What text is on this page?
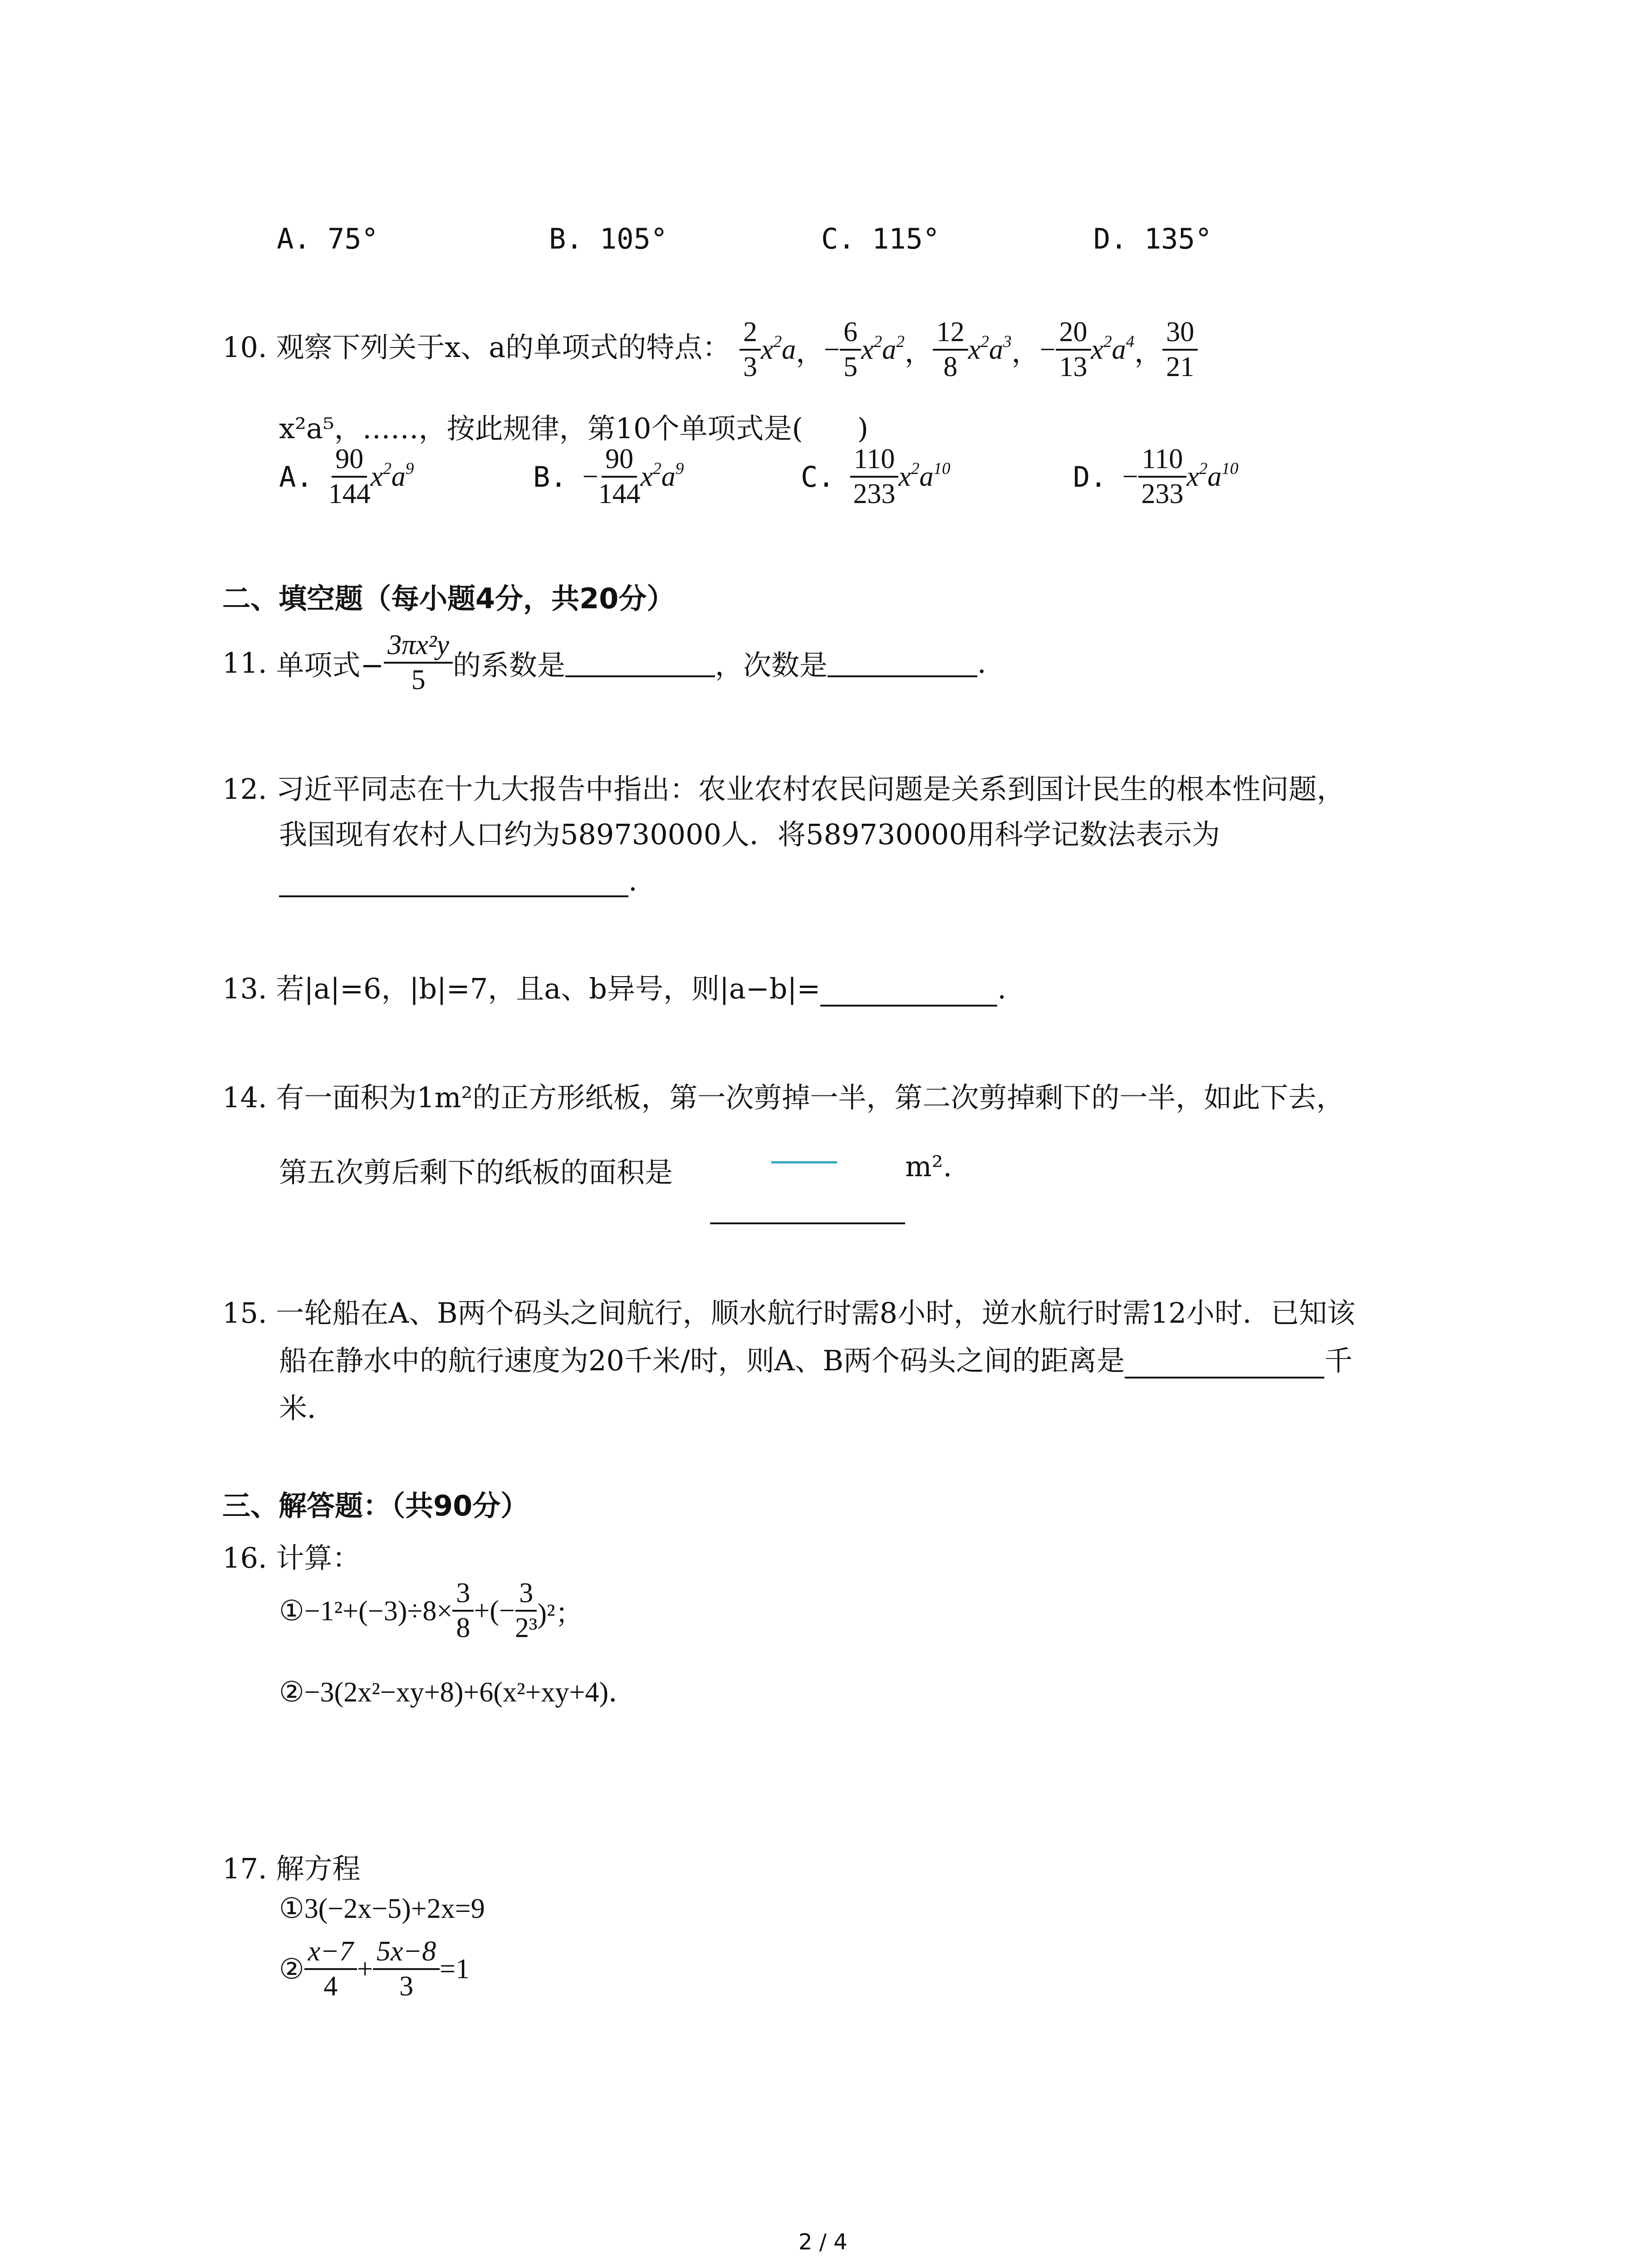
A. 75°	B. 105°	C. 115°	D. 135°
10. 观察下列关于x、a的单项式的特点： $\frac{2}{3} x^2a$ ， − $\frac{6}{5} x^2a^2$ ， $\frac{12}{8} x^2a^3$ ， − $\frac{20}{13} x^2a^4$ ， $\frac{30}{21}$
x²a⁵，……，按此规律，第10个单项式是( )
A. $\frac{90}{144} x^2a^9$	B. − $\frac{90}{144} x^2a^9$	C. $\frac{110}{233} x^2a^{10}$	D. − $\frac{110}{233} x^2a^{10}$
二、填空题（每小题4分，共20分）
11.
单项式− $\frac{\text{3πx²y}}{5}$ 的系数是	，次数是	.
12. 习近平同志在十九大报告中指出：农业农村农民问题是关系到国计民生的根本性问题，
我国现有农村人口约为589730000人．将589730000用科学记数法表示为
.
13. 若|a|=6，|b|=7，且a、b异号，则|a−b|=	.
14. 有一面积为1m²的正方形纸板，第一次剪掉一半，第二次剪掉剩下的一半，如此下去，
第五次剪后剩下的纸板的面积是	m².
15. 一轮船在A、B两个码头之间航行，顺水航行时需8小时，逆水航行时需12小时．已知该
船在静水中的航行速度为20千米/时，则A、B两个码头之间的距离是	千
米．
三、解答题：（共90分）
16. 计算：
①−1²+(−3)÷8× $\frac{3}{8}$ +(− $\frac{3}{\text{2³}} )^2$；
②−3(2x²−xy+8)+6(x²+xy+4)．
17. 解方程
①3(−2x−5)+2x=9
② $\frac{x-7}{4} + \frac{5x-8}{3} =1$
2 / 4
